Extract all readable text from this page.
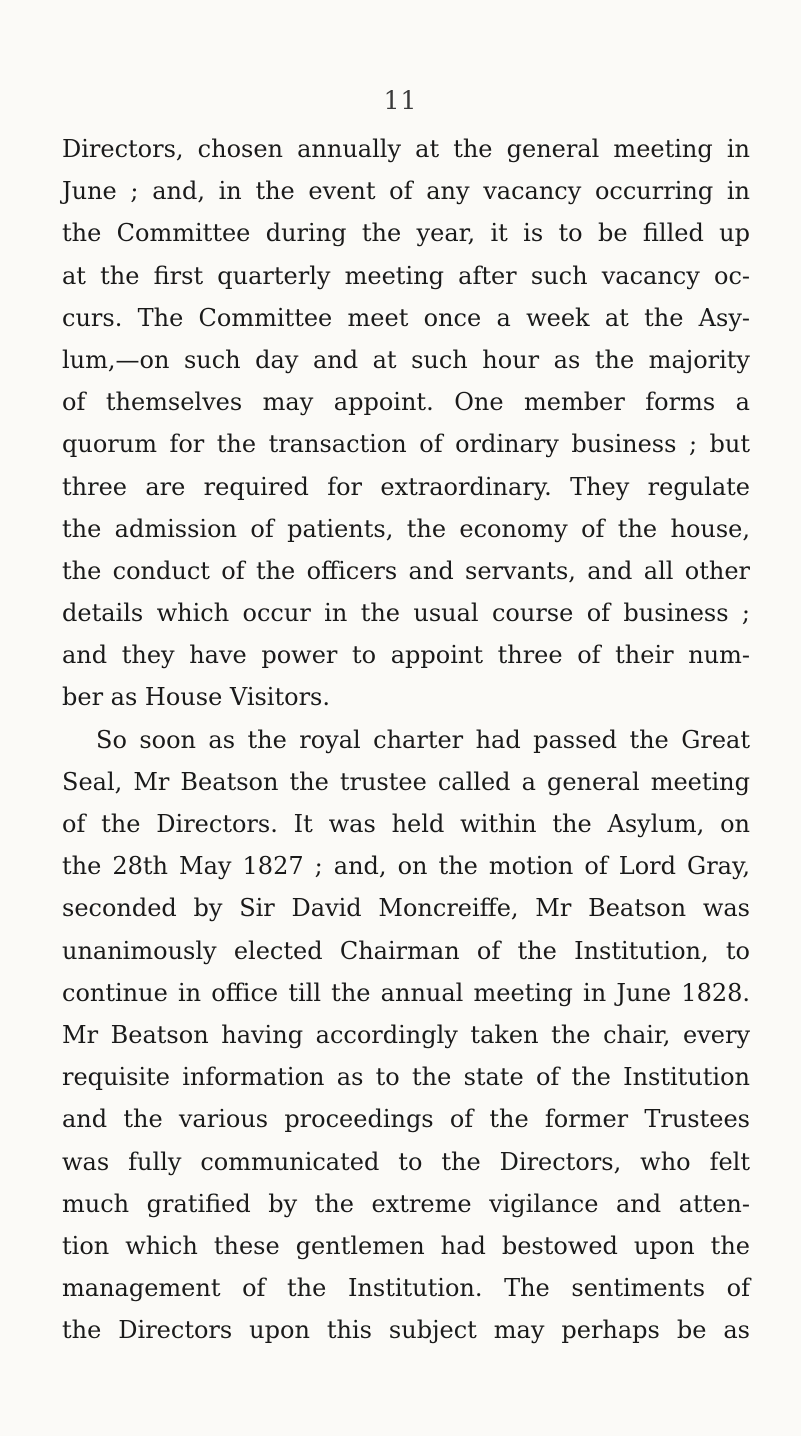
11
Directors, chosen annually at the general meeting in
June ; and, in the event of any vacancy occurring in
the Committee during the year, it is to be filled up
at the first quarterly meeting after such vacancy oc-
curs. The Committee meet once a week at the Asy-
lum,—on such day and at such hour as the majority
of themselves may appoint. One member forms a
quorum for the transaction of ordinary business ; but
three are required for extraordinary. They regulate
the admission of patients, the economy of the house,
the conduct of the officers and servants, and all other
details which occur in the usual course of business ;
and they have power to appoint three of their num-
ber as House Visitors.
So soon as the royal charter had passed the Great
Seal, Mr Beatson the trustee called a general meeting
of the Directors. It was held within the Asylum, on
the 28th May 1827 ; and, on the motion of Lord Gray,
seconded by Sir David Moncreiffe, Mr Beatson was
unanimously elected Chairman of the Institution, to
continue in office till the annual meeting in June 1828.
Mr Beatson having accordingly taken the chair, every
requisite information as to the state of the Institution
and the various proceedings of the former Trustees
was fully communicated to the Directors, who felt
much gratified by the extreme vigilance and atten-
tion which these gentlemen had bestowed upon the
management of the Institution. The sentiments of
the Directors upon this subject may perhaps be as
